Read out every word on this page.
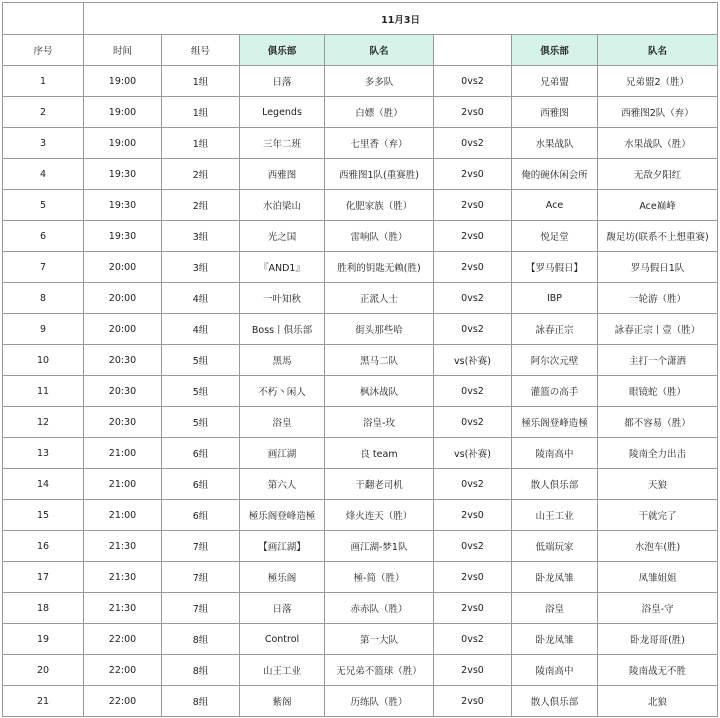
	11月3日						
序号	时间	组号	俱乐部	队名		俱乐部	队名
1	19:00	1组	日落	多多队	0vs2	兄弟盟	兄弟盟2（胜）
2	19:00	1组	Legends	白嫖（胜）	2vs0	西雅图	西雅图2队（弃）
3	19:00	1组	三年二班	七里香（弃）	0vs2	水果战队	水果战队（胜）
4	19:30	2组	西雅图	西雅图1队(重赛胜)	2vs0	俺的碗休闲会所	无敌夕阳红
5	19:30	2组	水泊梁山	化肥家族（胜）	2vs0	Ace	Ace巅峰
6	19:30	3组	光之国	雷响队（胜）	2vs0	悦足堂	馥足坊(联系不上想重赛)
7	20:00	3组	『AND1』	胜利的钥匙无赖(胜)	2vs0	【罗马假日】	罗马假日1队
8	20:00	4组	一叶知秋	正派人士	0vs2	IBP	一轮游（胜）
9	20:00	4组	Boss丨俱乐部	街头那些哈	0vs2	詠春正宗	詠春正宗丨壹（胜）
10	20:30	5组	黑馬	黑马二队	vs(补赛)	阿尔次元壁	主打一个潇洒
11	20:30	5组	不朽丶闲人	枫沐战队	0vs2	灌篮の高手	眼镜蛇（胜）
12	20:30	5组	浴皇	浴皇-玫	0vs2	極乐阁登峰造極	都不容易（胜）
13	21:00	6组	画江湖	良 team	vs(补赛)	陵南高中	陵南全力出击
14	21:00	6组	第六人	干翻老司机	0vs2	散人俱乐部	天狼
15	21:00	6组	極乐阁登峰造極	烽火连天（胜）	2vs0	山王工业	干就完了
16	21:30	7组	【画江湖】	画江湖-梦1队	0vs2	低端玩家	水泡车(胜)
17	21:30	7组	極乐阁	極-简（胜）	2vs0	卧龙凤雏	凤雏姐姐
18	21:30	7组	日落	赤赤队（胜）	2vs0	浴皇	浴皇-守
19	22:00	8组	Control	第一大队	0vs2	卧龙凤雏	卧龙哥哥(胜)
20	22:00	8组	山王工业	无兄弟不篮球（胜）	2vs0	陵南高中	陵南战无不胜
21	22:00	8组	紫阁	历练队（胜）	2vs0	散人俱乐部	北狼
